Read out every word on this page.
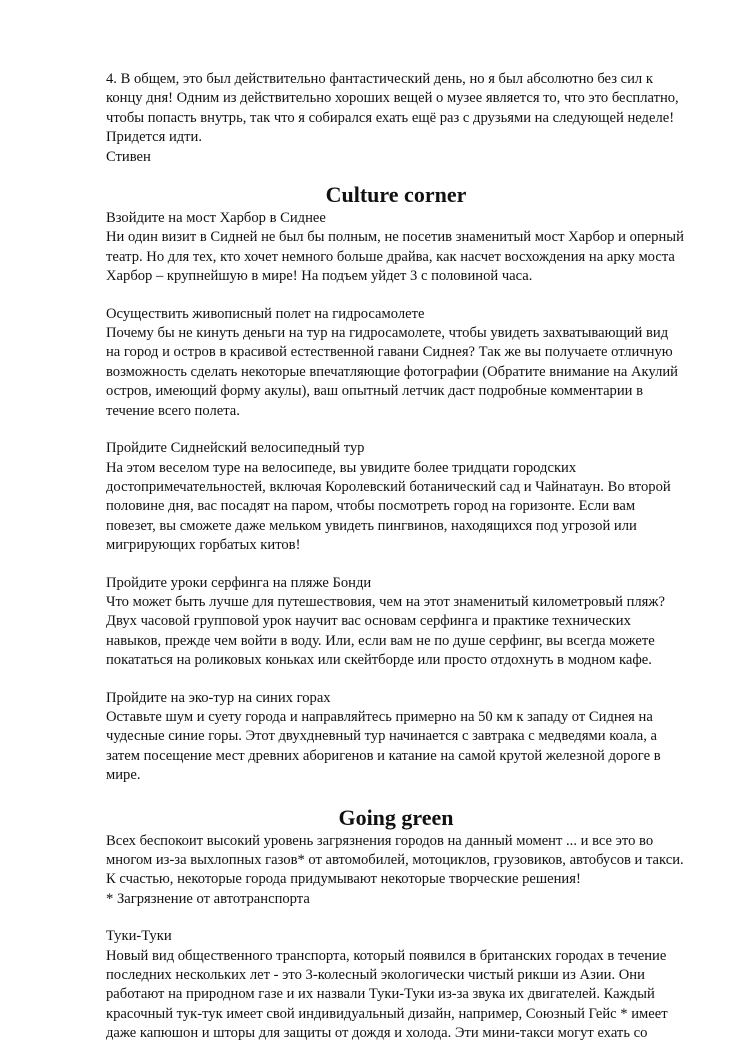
4. В общем, это был действительно фантастический день, но я был абсолютно без сил к концу дня! Одним из действительно хороших вещей о музее является то, что это бесплатно, чтобы попасть внутрь, так что я собирался ехать ещё раз с друзьями на следующей неделе! Придется идти.

Стивен

Culture corner

Взойдите на мост Харбор в Сиднее

Ни один визит в Сидней не был бы полным, не посетив знаменитый мост Харбор и оперный театр. Но для тех, кто хочет немного больше драйва, как насчет восхождения на арку моста Харбор – крупнейшую в мире! На подъем уйдет 3 с половиной часа.

Осуществить живописный полет на гидросамолете

Почему бы не кинуть деньги на тур на гидросамолете, чтобы увидеть захватывающий вид на город и остров в красивой естественной гавани Сиднея? Так же вы получаете отличную возможность сделать некоторые впечатляющие фотографии (Обратите внимание на Акулий остров, имеющий форму акулы), ваш опытный летчик даст подробные комментарии в течение всего полета.

Пройдите Сиднейский велосипедный тур

На этом веселом туре на велосипеде, вы увидите более тридцати городских достопримечательностей, включая Королевский ботанический сад и Чайнатаун. Во второй половине дня, вас посадят на паром, чтобы посмотреть город на горизонте. Если вам повезет, вы сможете даже мельком увидеть пингвинов, находящихся под угрозой или мигрирующих горбатых китов!

Пройдите уроки серфинга на пляже Бонди

Что может быть лучше для путешествовия, чем на этот знаменитый километровый пляж? Двух часовой групповой урок научит вас основам серфинга и практике технических навыков, прежде чем войти в воду. Или, если вам не по душе серфинг, вы всегда можете покататься на роликовых коньках или скейтборде или просто отдохнуть в модном кафе.

Пройдите на эко-тур на синих горах

Оставьте шум и суету города и направляйтесь примерно на 50 км к западу от Сиднея на чудесные синие горы. Этот двухдневный тур начинается с завтрака с медведями коала, а затем посещение мест древних аборигенов и катание на самой крутой железной дороге в мире.

Going green

Всех беспокоит высокий уровень загрязнения городов на данный момент ... и все это во многом из-за выхлопных газов* от автомобилей, мотоциклов, грузовиков, автобусов и такси. К счастью, некоторые города придумывают некоторые творческие решения!

* Загрязнение от автотранспорта

Туки-Туки

Новый вид общественного транспорта, который появился в британских городах в течение последних нескольких лет - это 3-колесный экологически чистый рикши из Азии. Они работают на природном газе и их назвали Туки-Туки из-за звука их двигателей. Каждый красочный тук-тук имеет свой индивидуальный дизайн, например, Союзный Гейс * имеет даже капюшон и шторы для защиты от дождя и холода. Эти мини-такси могут ехать со
